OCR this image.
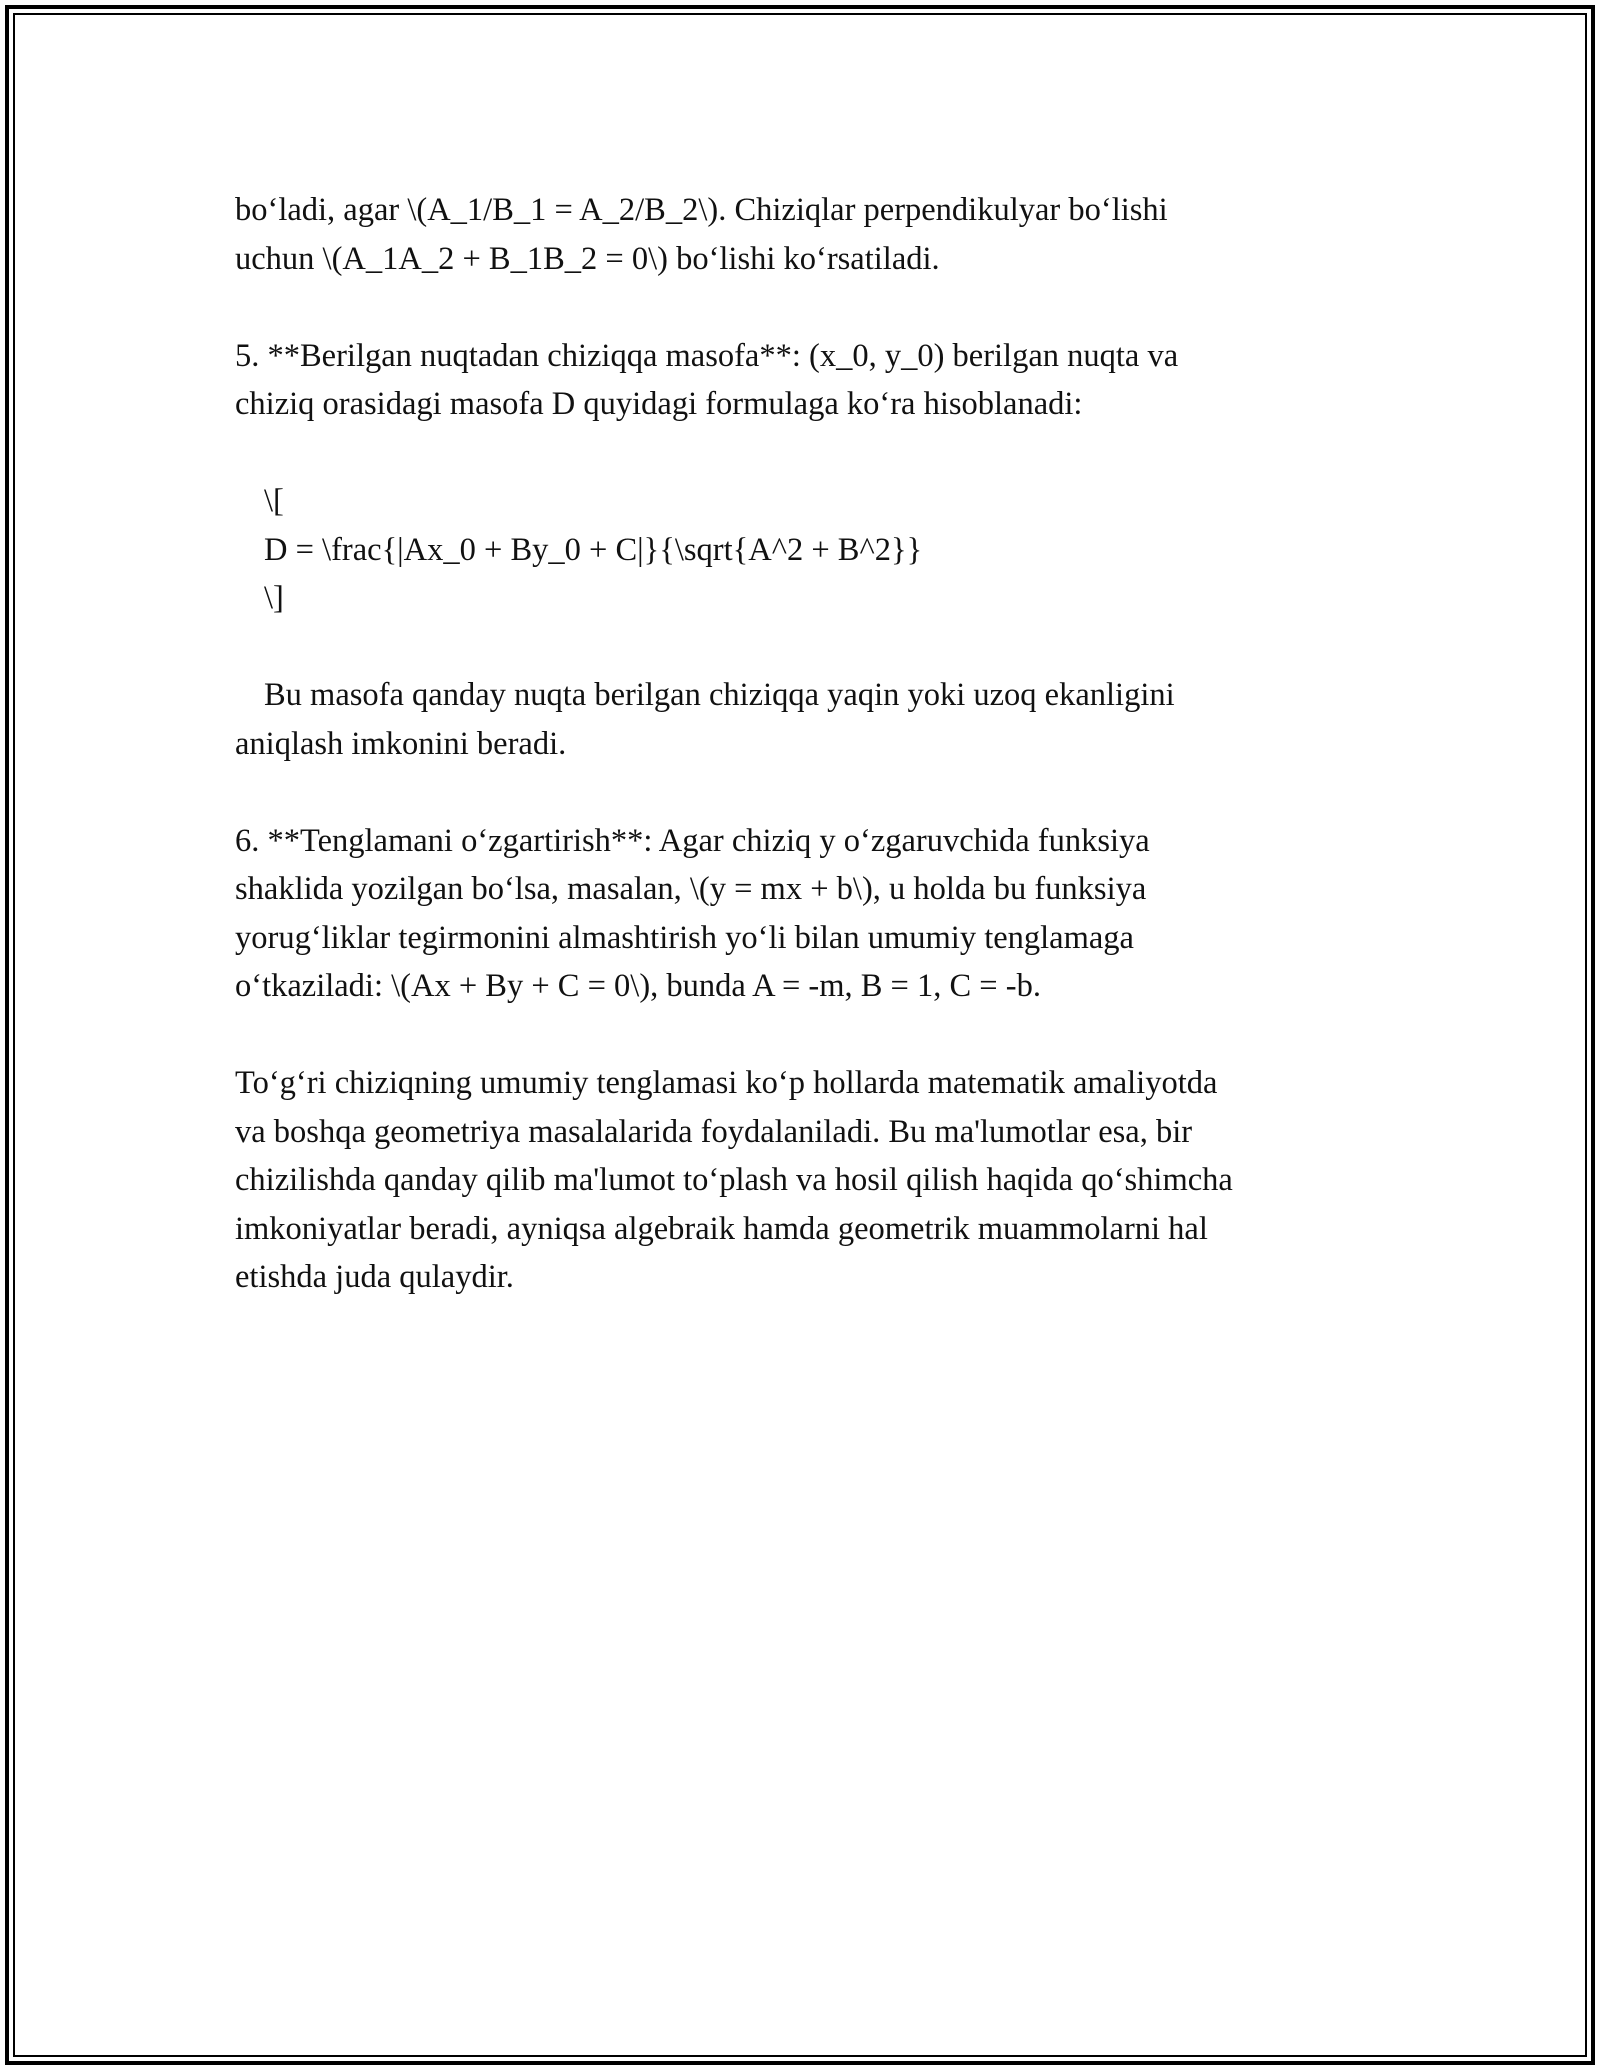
bo‘ladi, agar \(A_1/B_1 = A_2/B_2\). Chiziqlar perpendikulyar bo‘lishi
uchun \(A_1A_2 + B_1B_2 = 0\) bo‘lishi ko‘rsatiladi.

5. **Berilgan nuqtadan chiziqqa masofa**: (x_0, y_0) berilgan nuqta va
chiziq orasidagi masofa D quyidagi formulaga ko‘ra hisoblanadi:

\[
D = \frac{|Ax_0 + By_0 + C|}{\sqrt{A^2 + B^2}}
\]

Bu masofa qanday nuqta berilgan chiziqqa yaqin yoki uzoq ekanligini
aniqlash imkonini beradi.

6. **Tenglamani o‘zgartirish**: Agar chiziq y o‘zgaruvchida funksiya
shaklida yozilgan bo‘lsa, masalan, \(y = mx + b\), u holda bu funksiya
yorug‘liklar tegirmonini almashtirish yo‘li bilan umumiy tenglamaga
o‘tkaziladi: \(Ax + By + C = 0\), bunda A = -m, B = 1, C = -b.

To‘g‘ri chiziqning umumiy tenglamasi ko‘p hollarda matematik amaliyotda
va boshqa geometriya masalalarida foydalaniladi. Bu ma'lumotlar esa, bir
chizilishda qanday qilib ma'lumot to‘plash va hosil qilish haqida qo‘shimcha
imkoniyatlar beradi, ayniqsa algebraik hamda geometrik muammolarni hal
etishda juda qulaydir.
